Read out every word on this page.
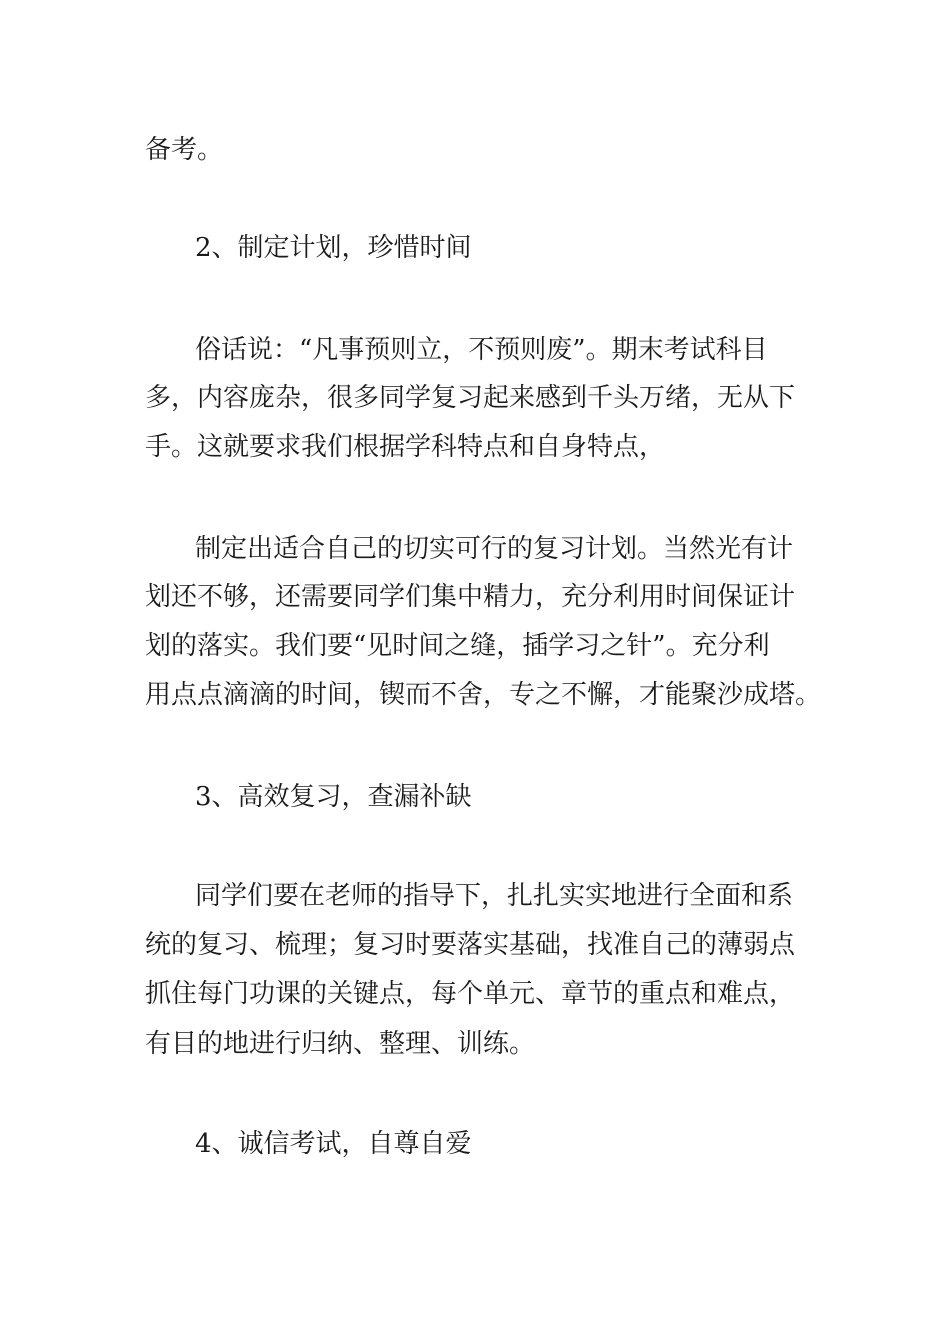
备考。

2、制定计划，珍惜时间

俗话说：“凡事预则立，不预则废”。期末考试科目

多，内容庞杂，很多同学复习起来感到千头万绪，无从下

手。这就要求我们根据学科特点和自身特点，

制定出适合自己的切实可行的复习计划。当然光有计

划还不够，还需要同学们集中精力，充分利用时间保证计

划的落实。我们要“见时间之缝，插学习之针”。充分利

用点点滴滴的时间，锲而不舍，专之不懈，才能聚沙成塔。

3、高效复习，查漏补缺

同学们要在老师的指导下，扎扎实实地进行全面和系

统的复习、梳理；复习时要落实基础，找准自己的薄弱点

抓住每门功课的关键点，每个单元、章节的重点和难点，

有目的地进行归纳、整理、训练。

4、诚信考试，自尊自爱
